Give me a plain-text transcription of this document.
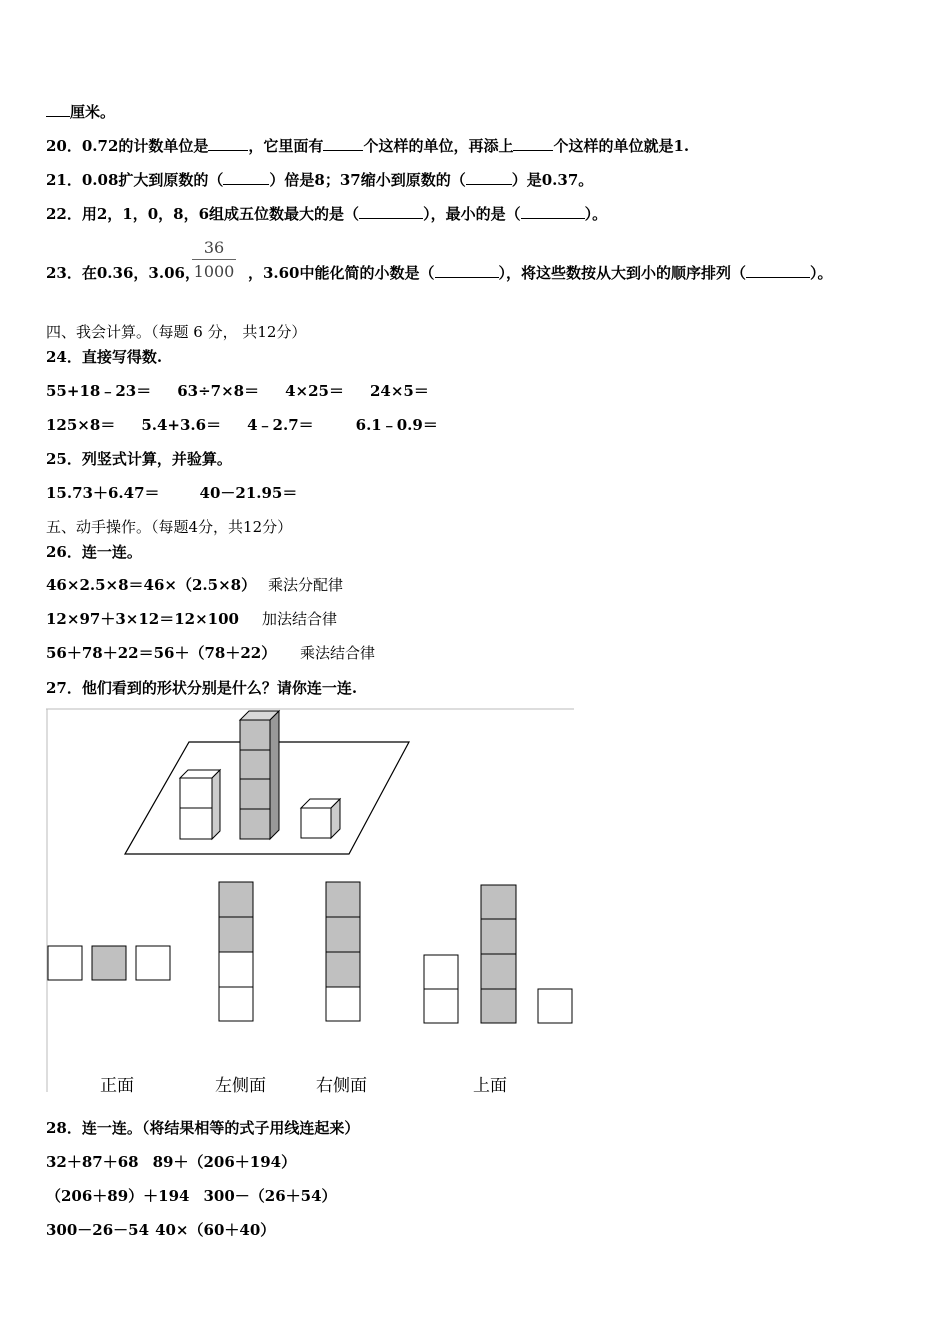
厘米。
20．0.72的计数单位是	，它里面有	个这样的单位，再添上	个这样的单位就是1.
21．0.08扩大到原数的（	）倍是8；37缩小到原数的（	）是0.37。
22．用2，1，0，8，6组成五位数最大的是（	），最小的是（	）。
23．在0.36，3.06，	，3.60中能化简的小数是（	），将这些数按从大到小的顺序排列（	）。
$\frac{36}{1000}$
四、我会计算。（每题 6 分， 共12分）
24．直接写得数.
55+18﹣23＝ 63÷7×8＝ 4×25＝ 24×5＝
125×8＝ 5.4+3.6＝ 4﹣2.7＝	6.1﹣0.9＝
25．列竖式计算，并验算。
15.73＋6.47＝	40－21.95＝
五、动手操作。（每题4分，共12分）
26．连一连。
46×2.5×8＝46×（2.5×8） 乘法分配律
12×97＋3×12＝12×100 加法结合律
56＋78＋22＝56＋（78＋22） 乘法结合律
27．他们看到的形状分别是什么？请你连一连.
正面	左侧面	右侧面	上面
28．连一连。（将结果相等的式子用线连起来）
32＋87＋68 89＋（206＋194）
（206＋89）＋194 300－（26＋54）
300－26－54 40×（60＋40）
